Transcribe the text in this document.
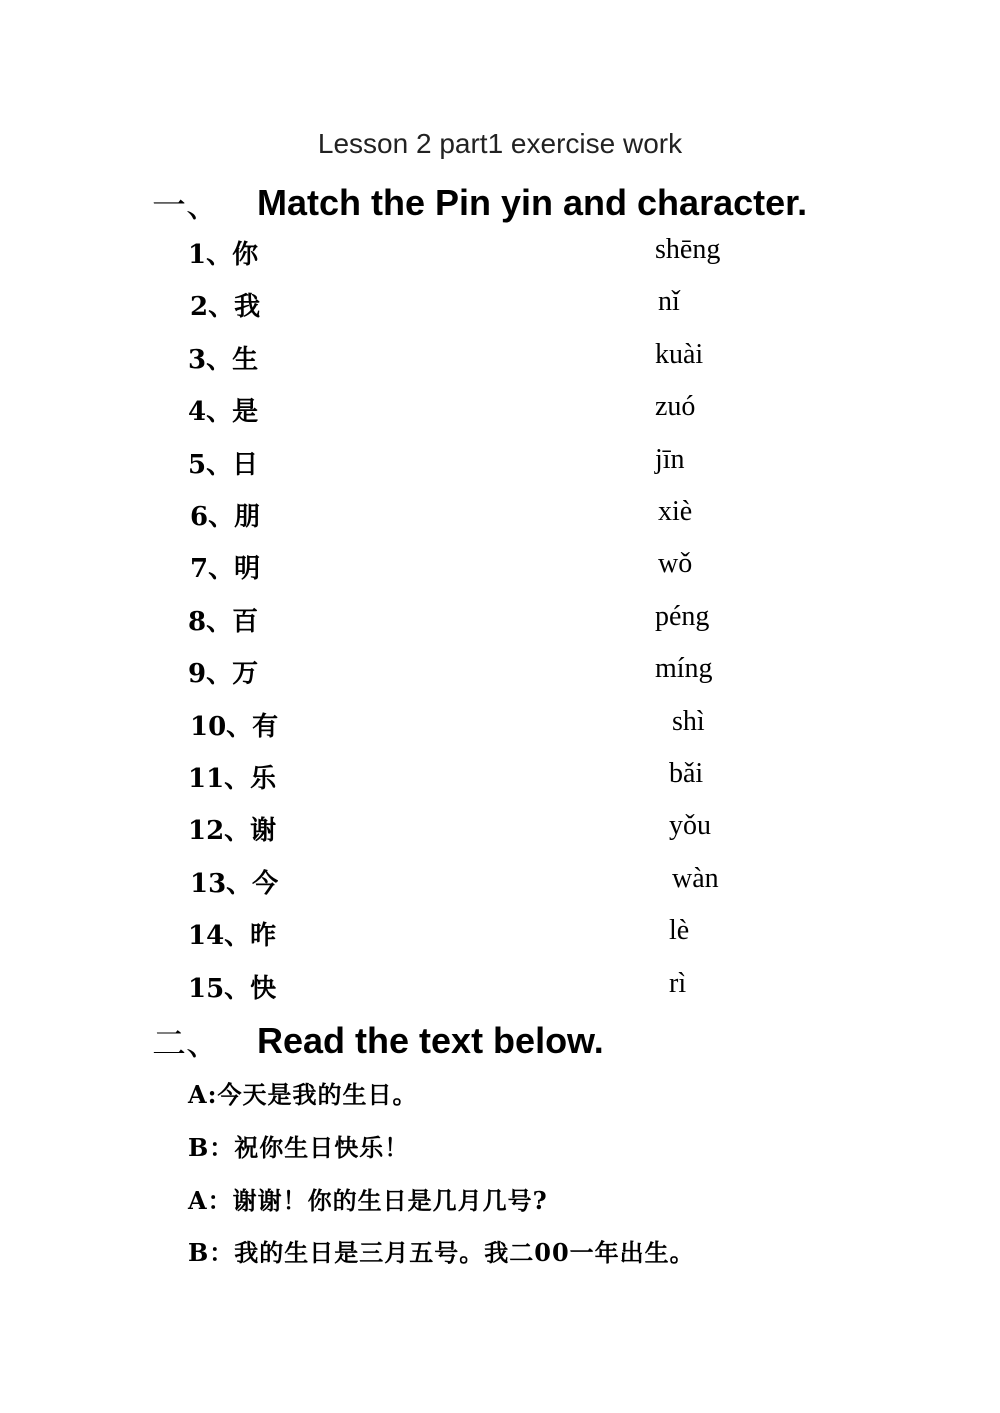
Lesson 2 part1 exercise work
一、	Match the Pin yin and character.
1、你	shēng
2、我	nǐ
3、生	kuài
4、是	zuó
5、日	jīn
6、朋	xiè
7、明	wǒ
8、百	péng
9、万	míng
10、有	shì
11、乐	bǎi
12、谢	yǒu
13、今	wàn
14、昨	lè
15、快	rì
二、	Read the text below.
A:今天是我的生日。
B：祝你生日快乐！
A：谢谢！你的生日是几月几号?
B：我的生日是三月五号。我二00一年出生。
